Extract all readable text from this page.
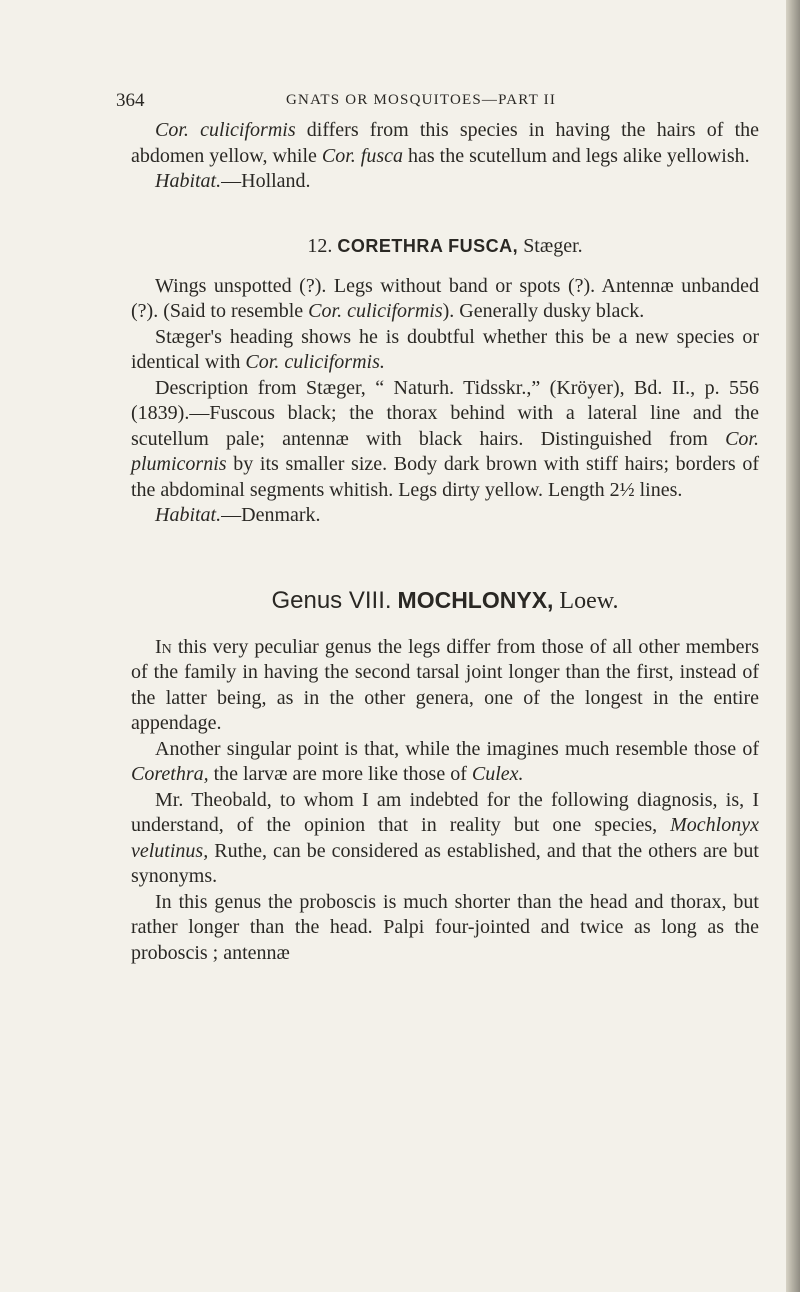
364	GNATS OR MOSQUITOES—PART II

Cor. culiciformis differs from this species in having the hairs of the abdomen yellow, while Cor. fusca has the scutellum and legs alike yellowish.

Habitat.—Holland.

12. CORETHRA FUSCA, Stæger.

Wings unspotted (?). Legs without band or spots (?). Antennæ unbanded (?). (Said to resemble Cor. culiciformis). Generally dusky black.

Stæger's heading shows he is doubtful whether this be a new species or identical with Cor. culiciformis.

Description from Stæger, “ Naturh. Tidsskr.,” (Kröyer), Bd. II., p. 556 (1839).—Fuscous black; the thorax behind with a lateral line and the scutellum pale; antennæ with black hairs. Distinguished from Cor. plumicornis by its smaller size. Body dark brown with stiff hairs; borders of the abdominal segments whitish. Legs dirty yellow. Length 2½ lines.

Habitat.—Denmark.

Genus VIII. MOCHLONYX, Loew.

In this very peculiar genus the legs differ from those of all other members of the family in having the second tarsal joint longer than the first, instead of the latter being, as in the other genera, one of the longest in the entire appendage.

Another singular point is that, while the imagines much resemble those of Corethra, the larvæ are more like those of Culex.

Mr. Theobald, to whom I am indebted for the following diagnosis, is, I understand, of the opinion that in reality but one species, Mochlonyx velutinus, Ruthe, can be considered as established, and that the others are but synonyms.

In this genus the proboscis is much shorter than the head and thorax, but rather longer than the head. Palpi four-jointed and twice as long as the proboscis ; antennæ
